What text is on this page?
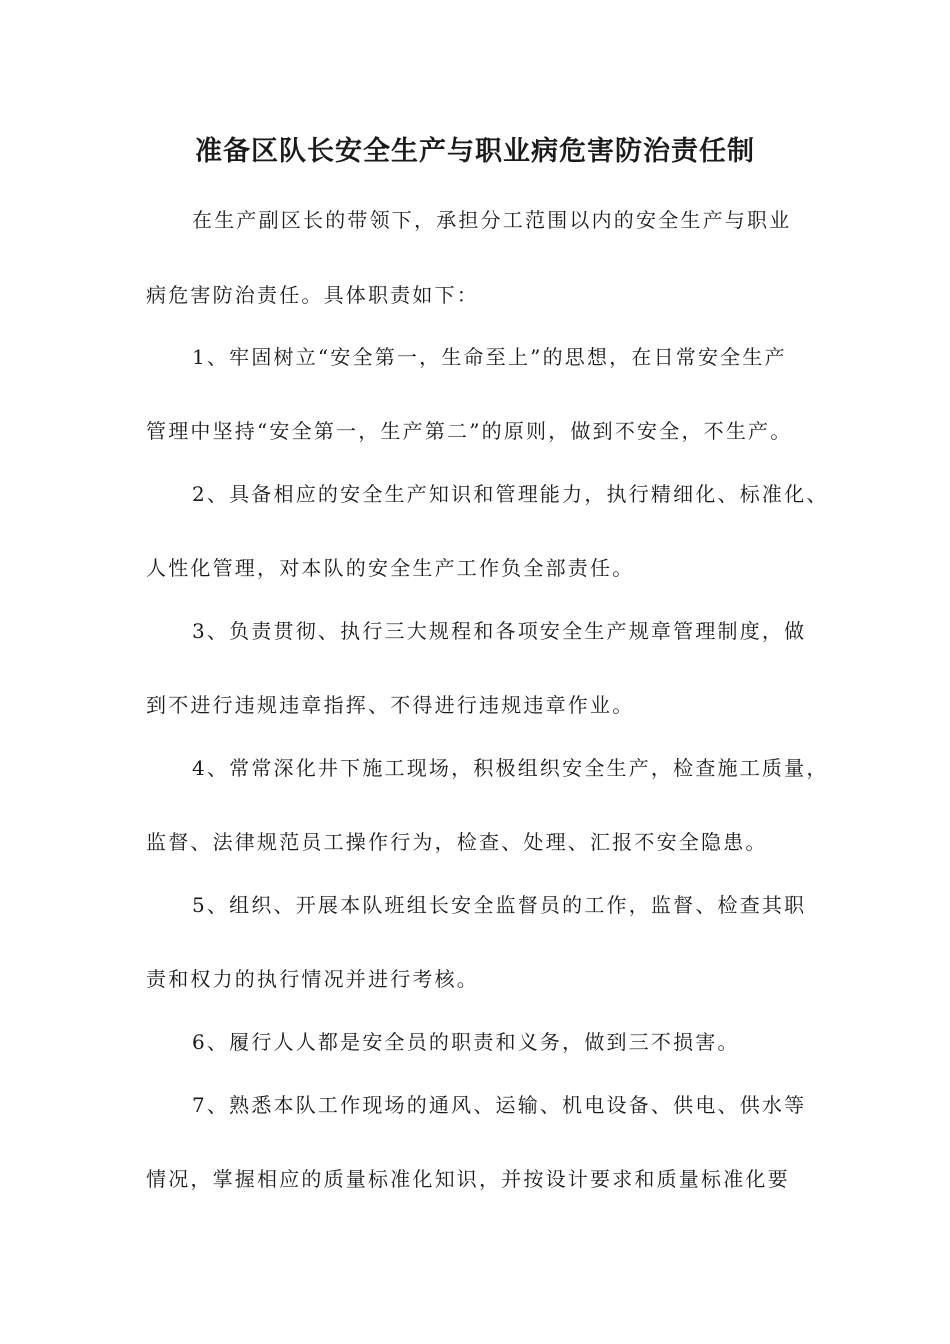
准备区队长安全生产与职业病危害防治责任制
在生产副区长的带领下，承担分工范围以内的安全生产与职业
病危害防治责任。具体职责如下：
1、牢固树立“安全第一，生命至上”的思想，在日常安全生产
管理中坚持“安全第一，生产第二”的原则，做到不安全，不生产。
2、具备相应的安全生产知识和管理能力，执行精细化、标准化、
人性化管理，对本队的安全生产工作负全部责任。
3、负责贯彻、执行三大规程和各项安全生产规章管理制度，做
到不进行违规违章指挥、不得进行违规违章作业。
4、常常深化井下施工现场，积极组织安全生产，检查施工质量，
监督、法律规范员工操作行为，检查、处理、汇报不安全隐患。
5、组织、开展本队班组长安全监督员的工作，监督、检查其职
责和权力的执行情况并进行考核。
6、履行人人都是安全员的职责和义务，做到三不损害。
7、熟悉本队工作现场的通风、运输、机电设备、供电、供水等
情况，掌握相应的质量标准化知识，并按设计要求和质量标准化要
